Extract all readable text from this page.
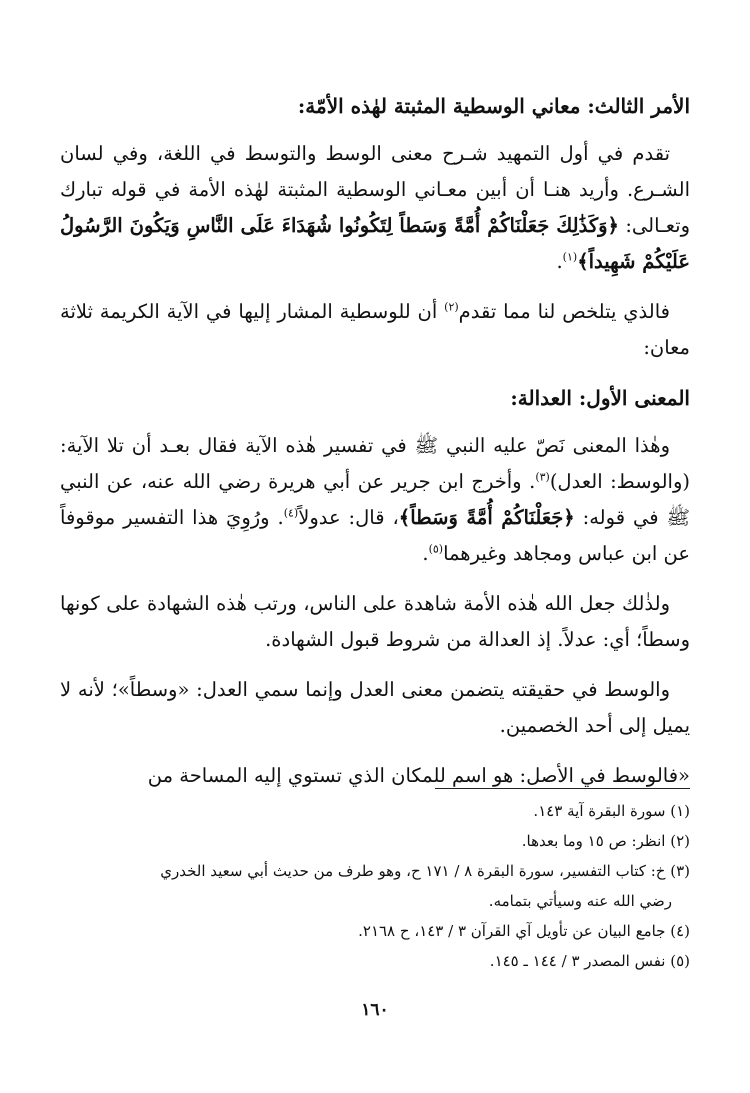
الأمر الثالث: معاني الوسطية المثبتة لهٰذه الأمّة:

تقدم في أول التمهيد شـرح معنى الوسط والتوسط في اللغة، وفي لسان الشـرع. وأريد هنـا أن أبين معـاني الوسطية المثبتة لهٰذه الأمة في قوله تبارك وتعـالى: ﴿وَكَذَٰلِكَ جَعَلْنَاكُمْ أُمَّةً وَسَطاً لِتَكُونُوا شُهَدَاءَ عَلَى النَّاسِ وَيَكُونَ الرَّسُولُ عَلَيْكُمْ شَهِيداً﴾$^{(١)}$.

فالذي يتلخص لنا مما تقدم$^{(٢)}$ أن للوسطية المشار إليها في الآية الكريمة ثلاثة معان:

المعنى الأول: العدالة:

وهٰذا المعنى نَصّ عليه النبي ﷺ في تفسير هٰذه الآية فقال بعـد أن تلا الآية: (والوسط: العدل)$^{(٣)}$. وأخرج ابن جرير عن أبي هريرة رضي الله عنه، عن النبي ﷺ في قوله: ﴿جَعَلْنَاكُمْ أُمَّةً وَسَطاً﴾، قال: عدولاً$^{(٤)}$. ورُوِيَ هذا التفسير موقوفاً عن ابن عباس ومجاهد وغيرهما$^{(٥)}$.

ولذٰلك جعل الله هٰذه الأمة شاهدة على الناس، ورتب هٰذه الشهادة على كونها وسطاً؛ أي: عدلاً. إذ العدالة من شروط قبول الشهادة.

والوسط في حقيقته يتضمن معنى العدل وإنما سمي العدل: «وسطاً»؛ لأنه لا يميل إلى أحد الخصمين.

«فالوسط في الأصل: هو اسم للمكان الذي تستوي إليه المساحة من

(١) سورة البقرة آية ١٤٣.

(٢) انظر: ص ١٥ وما بعدها.

(٣) خ: كتاب التفسير، سورة البقرة ٨ / ١٧١ ح، وهو طرف من حديث أبي سعيد الخدري

رضي الله عنه وسيأتي بتمامه.

(٤) جامع البيان عن تأويل آي القرآن ٣ / ١٤٣، ح ٢١٦٨.

(٥) نفس المصدر ٣ / ١٤٤ ـ ١٤٥.

١٦٠
